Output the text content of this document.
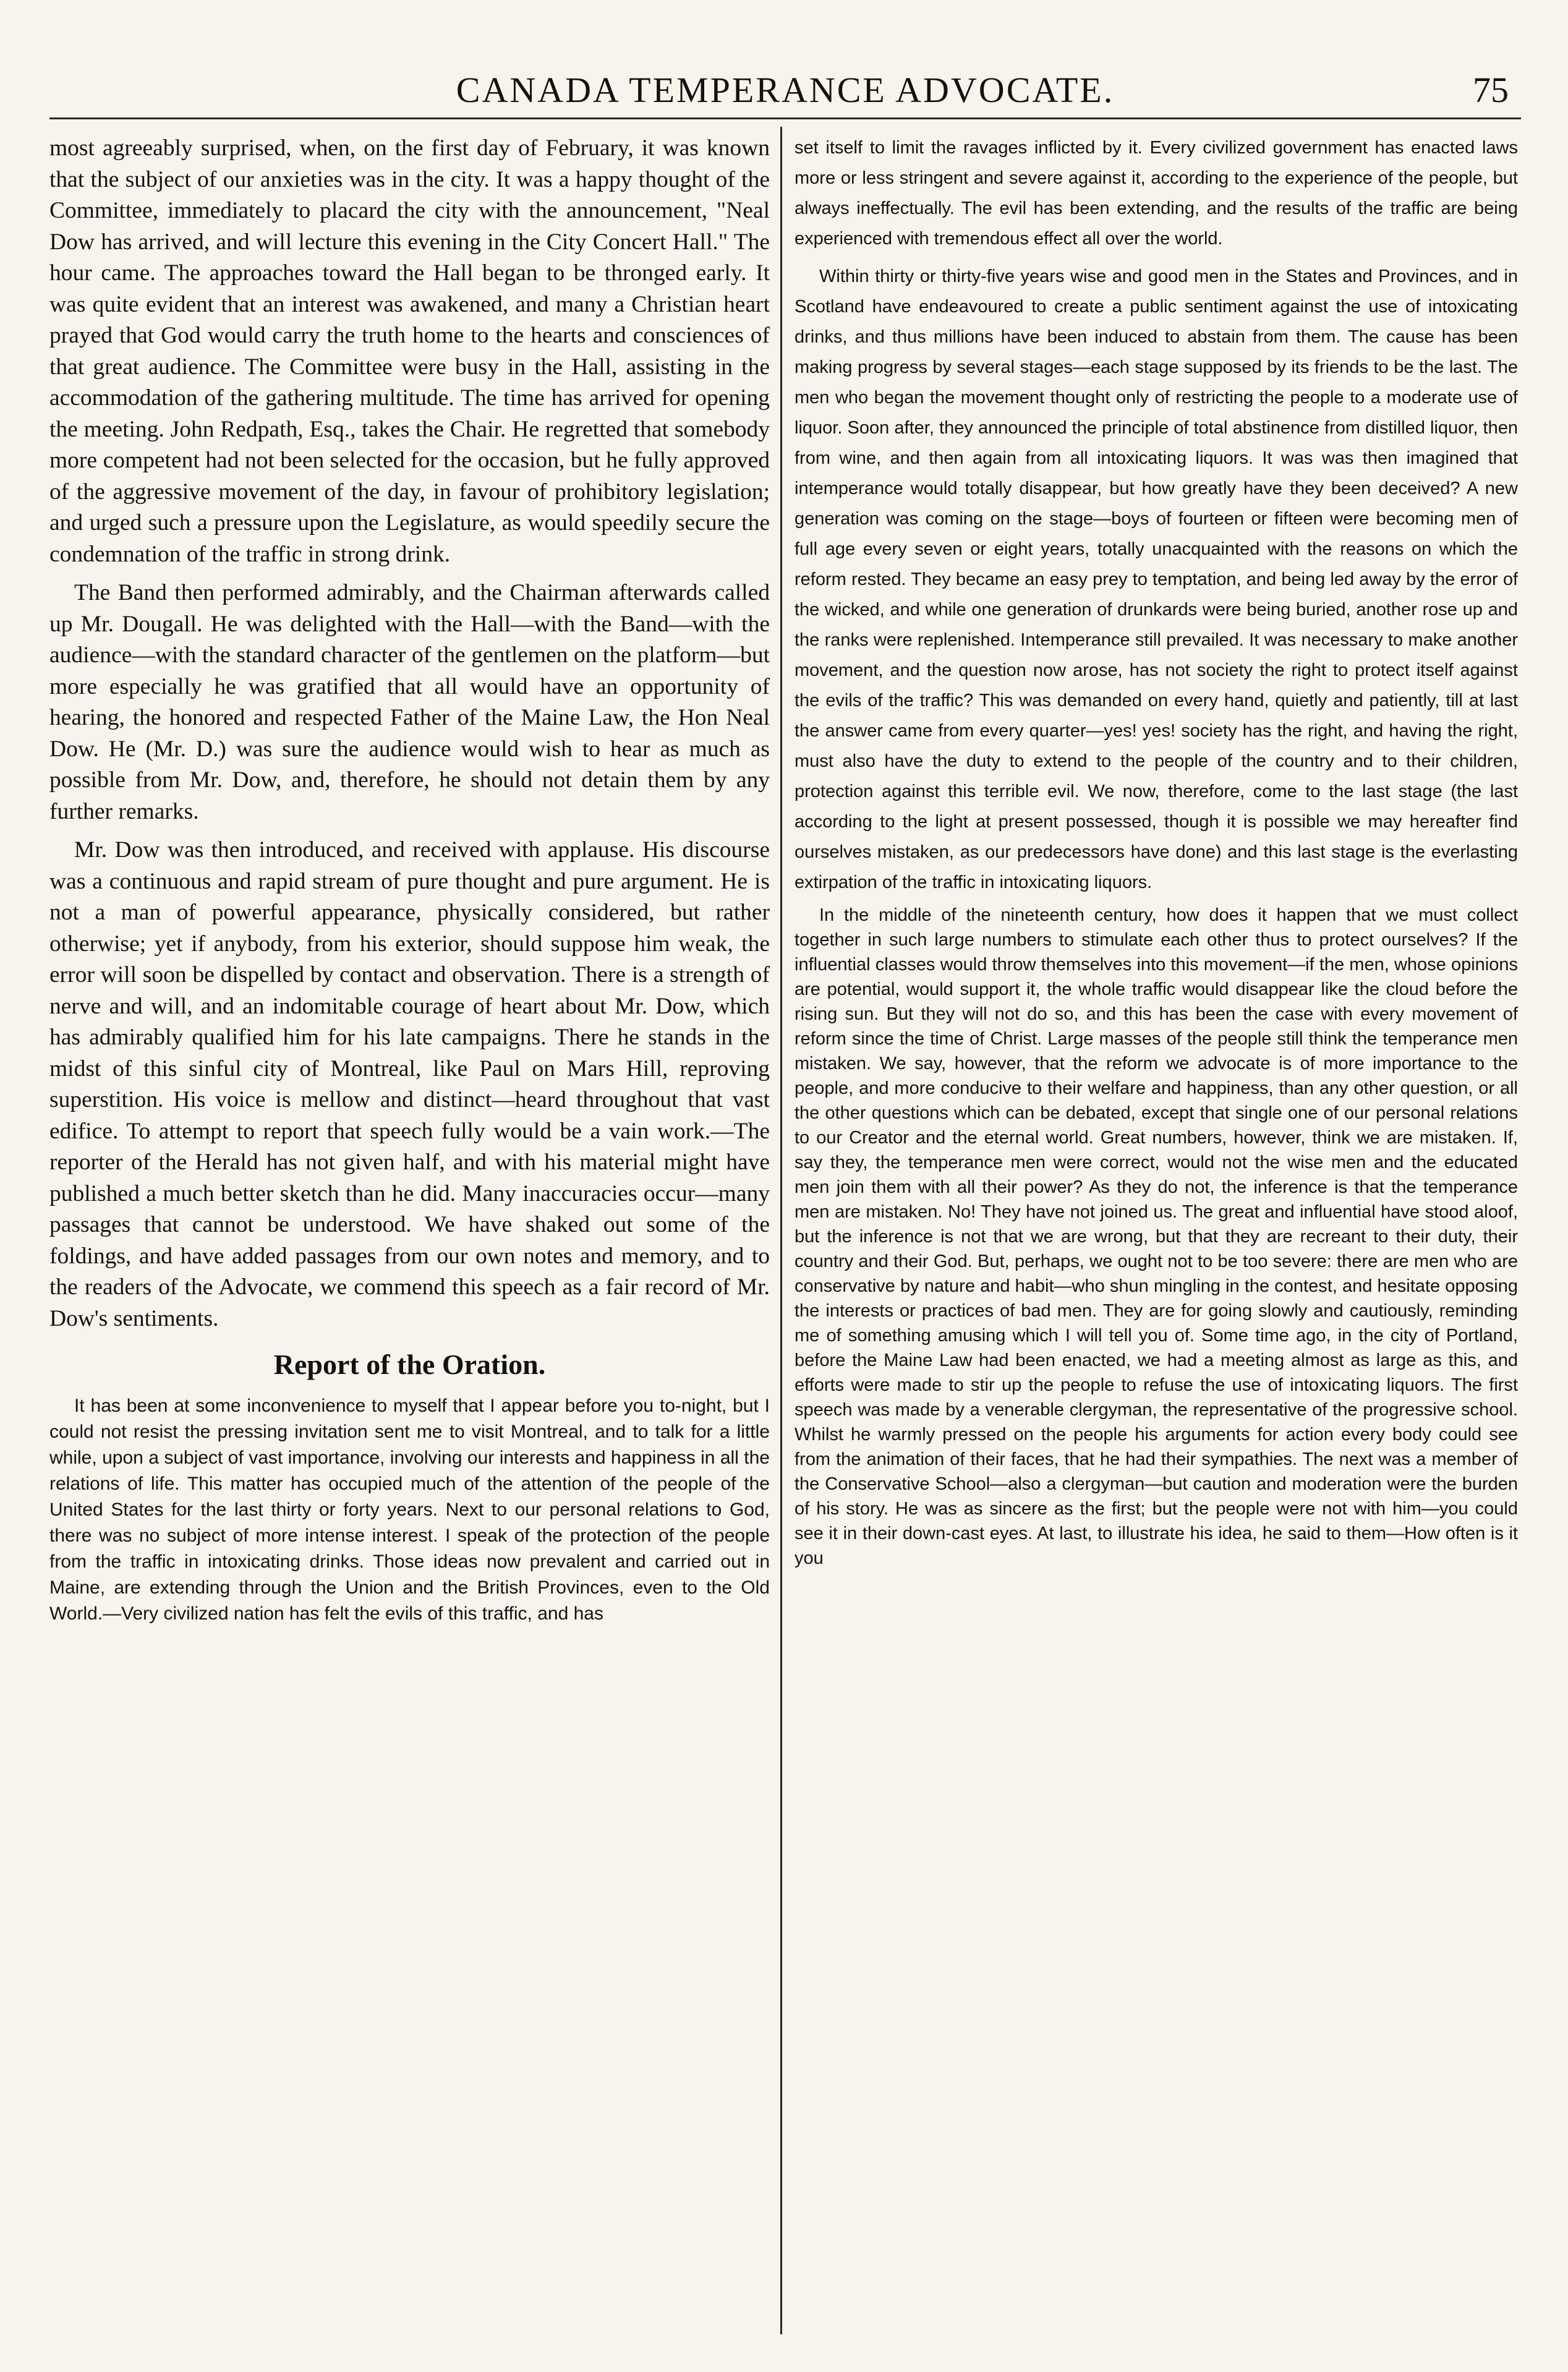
CANADA TEMPERANCE ADVOCATE.	75

most agreeably surprised, when, on the first day of February, it was known that the subject of our anxieties was in the city. It was a happy thought of the Committee, immediately to placard the city with the announcement, "Neal Dow has arrived, and will lecture this evening in the City Concert Hall." The hour came. The approaches toward the Hall began to be thronged early. It was quite evident that an interest was awakened, and many a Christian heart prayed that God would carry the truth home to the hearts and consciences of that great audience. The Committee were busy in the Hall, assisting in the accommodation of the gathering multitude. The time has arrived for opening the meeting. John Redpath, Esq., takes the Chair. He regretted that somebody more competent had not been selected for the occasion, but he fully approved of the aggressive movement of the day, in favour of prohibitory legislation; and urged such a pressure upon the Legislature, as would speedily secure the condemnation of the traffic in strong drink.

The Band then performed admirably, and the Chairman afterwards called up Mr. Dougall. He was delighted with the Hall—with the Band—with the audience—with the standard character of the gentlemen on the platform—but more especially he was gratified that all would have an opportunity of hearing, the honored and respected Father of the Maine Law, the Hon Neal Dow. He (Mr. D.) was sure the audience would wish to hear as much as possible from Mr. Dow, and, therefore, he should not detain them by any further remarks.

Mr. Dow was then introduced, and received with applause. His discourse was a continuous and rapid stream of pure thought and pure argument. He is not a man of powerful appearance, physically considered, but rather otherwise; yet if anybody, from his exterior, should suppose him weak, the error will soon be dispelled by contact and observation. There is a strength of nerve and will, and an indomitable courage of heart about Mr. Dow, which has admirably qualified him for his late campaigns. There he stands in the midst of this sinful city of Montreal, like Paul on Mars Hill, reproving superstition. His voice is mellow and distinct—heard throughout that vast edifice. To attempt to report that speech fully would be a vain work.—The reporter of the Herald has not given half, and with his material might have published a much better sketch than he did. Many inaccuracies occur—many passages that cannot be understood. We have shaked out some of the foldings, and have added passages from our own notes and memory, and to the readers of the Advocate, we commend this speech as a fair record of Mr. Dow's sentiments.

Report of the Oration.

It has been at some inconvenience to myself that I appear before you to-night, but I could not resist the pressing invitation sent me to visit Montreal, and to talk for a little while, upon a subject of vast importance, involving our interests and happiness in all the relations of life. This matter has occupied much of the attention of the people of the United States for the last thirty or forty years. Next to our personal relations to God, there was no subject of more intense interest. I speak of the protection of the people from the traffic in intoxicating drinks. Those ideas now prevalent and carried out in Maine, are extending through the Union and the British Provinces, even to the Old World.—Very civilized nation has felt the evils of this traffic, and has

set itself to limit the ravages inflicted by it. Every civilized government has enacted laws more or less stringent and severe against it, according to the experience of the people, but always ineffectually. The evil has been extending, and the results of the traffic are being experienced with tremendous effect all over the world.

Within thirty or thirty-five years wise and good men in the States and Provinces, and in Scotland have endeavoured to create a public sentiment against the use of intoxicating drinks, and thus millions have been induced to abstain from them. The cause has been making progress by several stages—each stage supposed by its friends to be the last. The men who began the movement thought only of restricting the people to a moderate use of liquor. Soon after, they announced the principle of total abstinence from distilled liquor, then from wine, and then again from all intoxicating liquors. It was was then imagined that intemperance would totally disappear, but how greatly have they been deceived? A new generation was coming on the stage—boys of fourteen or fifteen were becoming men of full age every seven or eight years, totally unacquainted with the reasons on which the reform rested. They became an easy prey to temptation, and being led away by the error of the wicked, and while one generation of drunkards were being buried, another rose up and the ranks were replenished. Intemperance still prevailed. It was necessary to make another movement, and the question now arose, has not society the right to protect itself against the evils of the traffic? This was demanded on every hand, quietly and patiently, till at last the answer came from every quarter—yes! yes! society has the right, and having the right, must also have the duty to extend to the people of the country and to their children, protection against this terrible evil. We now, therefore, come to the last stage (the last according to the light at present possessed, though it is possible we may hereafter find ourselves mistaken, as our predecessors have done) and this last stage is the everlasting extirpation of the traffic in intoxicating liquors.

In the middle of the nineteenth century, how does it happen that we must collect together in such large numbers to stimulate each other thus to protect ourselves? If the influential classes would throw themselves into this movement—if the men, whose opinions are potential, would support it, the whole traffic would disappear like the cloud before the rising sun. But they will not do so, and this has been the case with every movement of reform since the time of Christ. Large masses of the people still think the temperance men mistaken. We say, however, that the reform we advocate is of more importance to the people, and more conducive to their welfare and happiness, than any other question, or all the other questions which can be debated, except that single one of our personal relations to our Creator and the eternal world. Great numbers, however, think we are mistaken. If, say they, the temperance men were correct, would not the wise men and the educated men join them with all their power? As they do not, the inference is that the temperance men are mistaken. No! They have not joined us. The great and influential have stood aloof, but the inference is not that we are wrong, but that they are recreant to their duty, their country and their God. But, perhaps, we ought not to be too severe: there are men who are conservative by nature and habit—who shun mingling in the contest, and hesitate opposing the interests or practices of bad men. They are for going slowly and cautiously, reminding me of something amusing which I will tell you of. Some time ago, in the city of Portland, before the Maine Law had been enacted, we had a meeting almost as large as this, and efforts were made to stir up the people to refuse the use of intoxicating liquors. The first speech was made by a venerable clergyman, the representative of the progressive school. Whilst he warmly pressed on the people his arguments for action every body could see from the animation of their faces, that he had their sympathies. The next was a member of the Conservative School—also a clergyman—but caution and moderation were the burden of his story. He was as sincere as the first; but the people were not with him—you could see it in their down-cast eyes. At last, to illustrate his idea, he said to them—How often is it you
